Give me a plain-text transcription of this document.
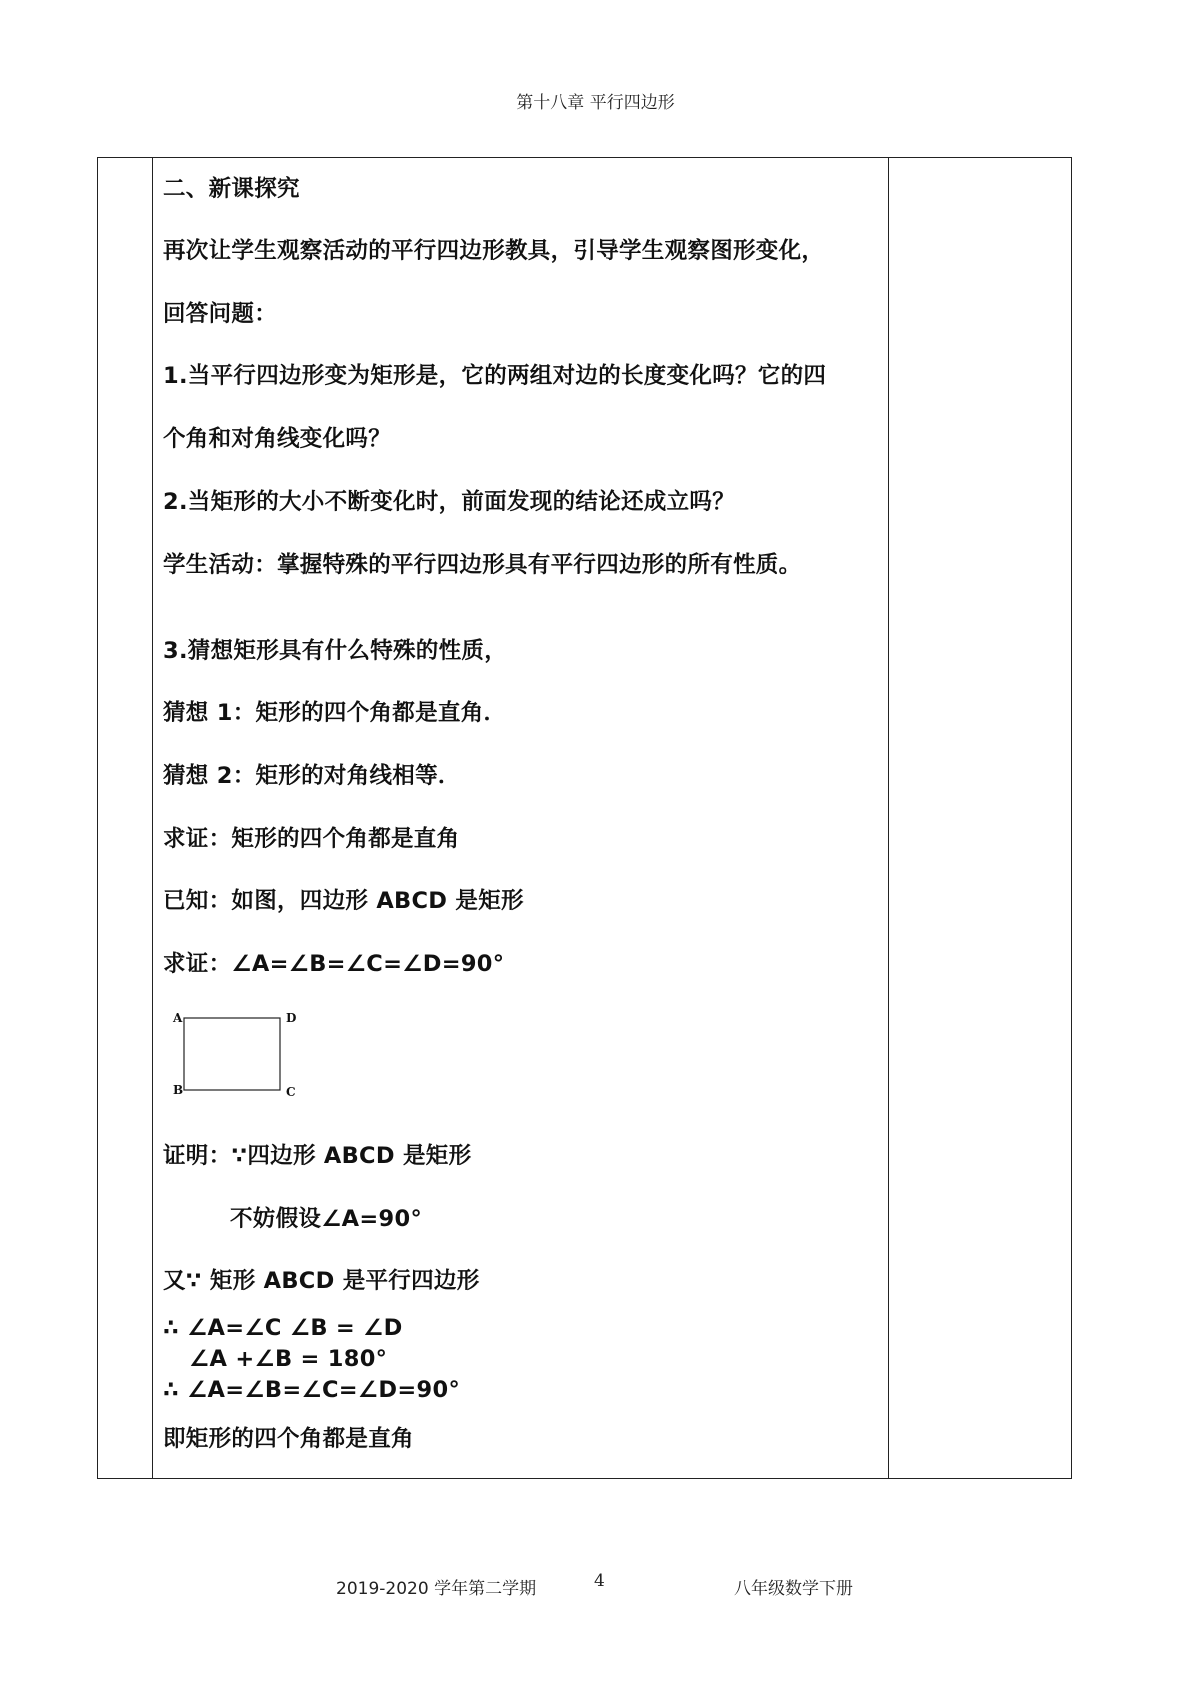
第十八章 平行四边形
二、新课探究
再次让学生观察活动的平行四边形教具，引导学生观察图形变化，
回答问题：
1.当平行四边形变为矩形是，它的两组对边的长度变化吗？它的四
个角和对角线变化吗？
2.当矩形的大小不断变化时，前面发现的结论还成立吗？
学生活动：掌握特殊的平行四边形具有平行四边形的所有性质。
3.猜想矩形具有什么特殊的性质，
猜想 1：矩形的四个角都是直角．
猜想 2：矩形的对角线相等．
求证：矩形的四个角都是直角
已知：如图，四边形 ABCD 是矩形
求证：∠A=∠B=∠C=∠D=90°
证明：∵四边形 ABCD 是矩形
不妨假设∠A=90°
又∵ 矩形 ABCD 是平行四边形
∴ ∠A=∠C ∠B = ∠D
∠A +∠B = 180°
∴ ∠A=∠B=∠C=∠D=90°
即矩形的四个角都是直角
A	D
B	C
2019-2020 学年第二学期	4	八年级数学下册
